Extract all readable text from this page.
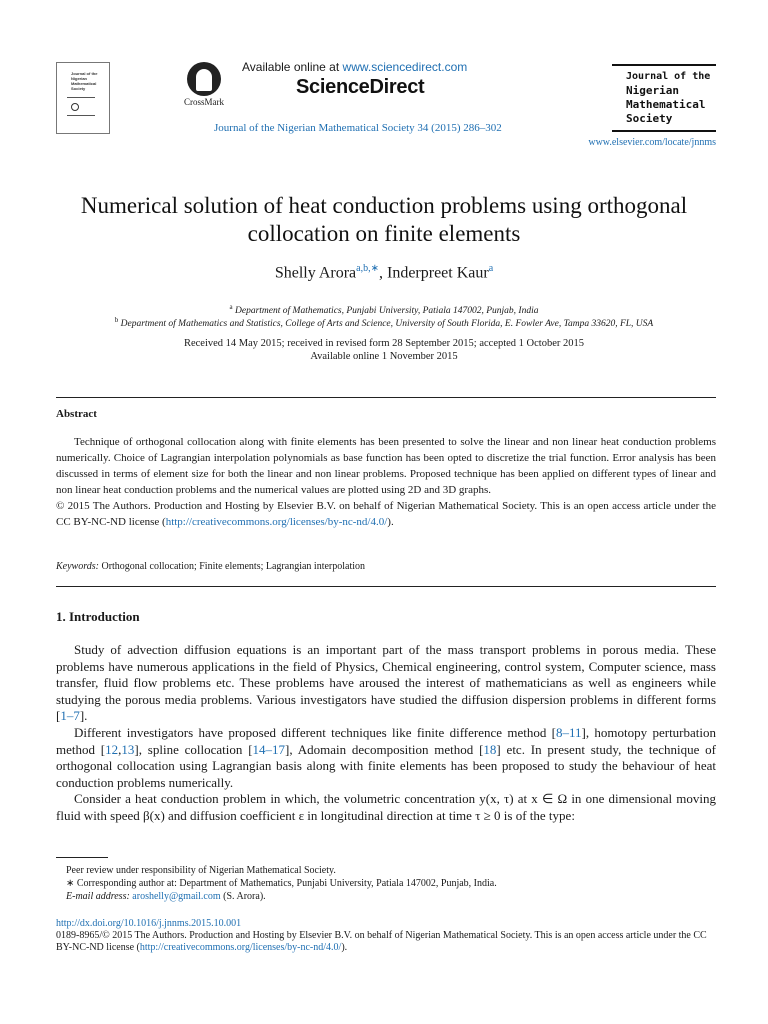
Journal of the
Nigerian
Mathematical
Society
CrossMark
Available online at www.sciencedirect.com
ScienceDirect
Journal of the Nigerian Mathematical Society 34 (2015) 286–302
Journal of the
Nigerian
Mathematical
Society
www.elsevier.com/locate/jnnms
Numerical solution of heat conduction problems using orthogonal
collocation on finite elements
Shelly Arora$^{a,b,∗}$, Inderpreet Kaur$^a$
$^a$ Department of Mathematics, Punjabi University, Patiala 147002, Punjab, India
$^b$ Department of Mathematics and Statistics, College of Arts and Science, University of South Florida, E. Fowler Ave, Tampa 33620, FL, USA
Received 14 May 2015; received in revised form 28 September 2015; accepted 1 October 2015
Available online 1 November 2015
Abstract

Technique of orthogonal collocation along with finite elements has been presented to solve the linear and non linear heat conduction problems numerically. Choice of Lagrangian interpolation polynomials as base function has been opted to discretize the trial function. Error analysis has been discussed in terms of element size for both the linear and non linear problems. Proposed technique has been applied on different types of linear and non linear heat conduction problems and the numerical values are plotted using 2D and 3D graphs.

© 2015 The Authors. Production and Hosting by Elsevier B.V. on behalf of Nigerian Mathematical Society. This is an open access article under the CC BY-NC-ND license (http://creativecommons.org/licenses/by-nc-nd/4.0/).

Keywords: Orthogonal collocation; Finite elements; Lagrangian interpolation
1. Introduction

Study of advection diffusion equations is an important part of the mass transport problems in porous media. These problems have numerous applications in the field of Physics, Chemical engineering, control system, Computer science, mass transfer, fluid flow problems etc. These problems have aroused the interest of mathematicians as well as engineers while studying the porous media problems. Various investigators have studied the diffusion dispersion problems in different forms [1–7].

Different investigators have proposed different techniques like finite difference method [8–11], homotopy perturbation method [12,13], spline collocation [14–17], Adomain decomposition method [18] etc. In present study, the technique of orthogonal collocation using Lagrangian basis along with finite elements has been proposed to study the behaviour of heat conduction problems numerically.

Consider a heat conduction problem in which, the volumetric concentration y(x, τ) at x ∈ Ω in one dimensional moving fluid with speed β(x) and diffusion coefficient ε in longitudinal direction at time τ ≥ 0 is of the type:

Peer review under responsibility of Nigerian Mathematical Society.

∗ Corresponding author at: Department of Mathematics, Punjabi University, Patiala 147002, Punjab, India.

E-mail address: aroshelly@gmail.com (S. Arora).

http://dx.doi.org/10.1016/j.jnnms.2015.10.001

0189-8965/© 2015 The Authors. Production and Hosting by Elsevier B.V. on behalf of Nigerian Mathematical Society. This is an open access article under the CC BY-NC-ND license (http://creativecommons.org/licenses/by-nc-nd/4.0/).
